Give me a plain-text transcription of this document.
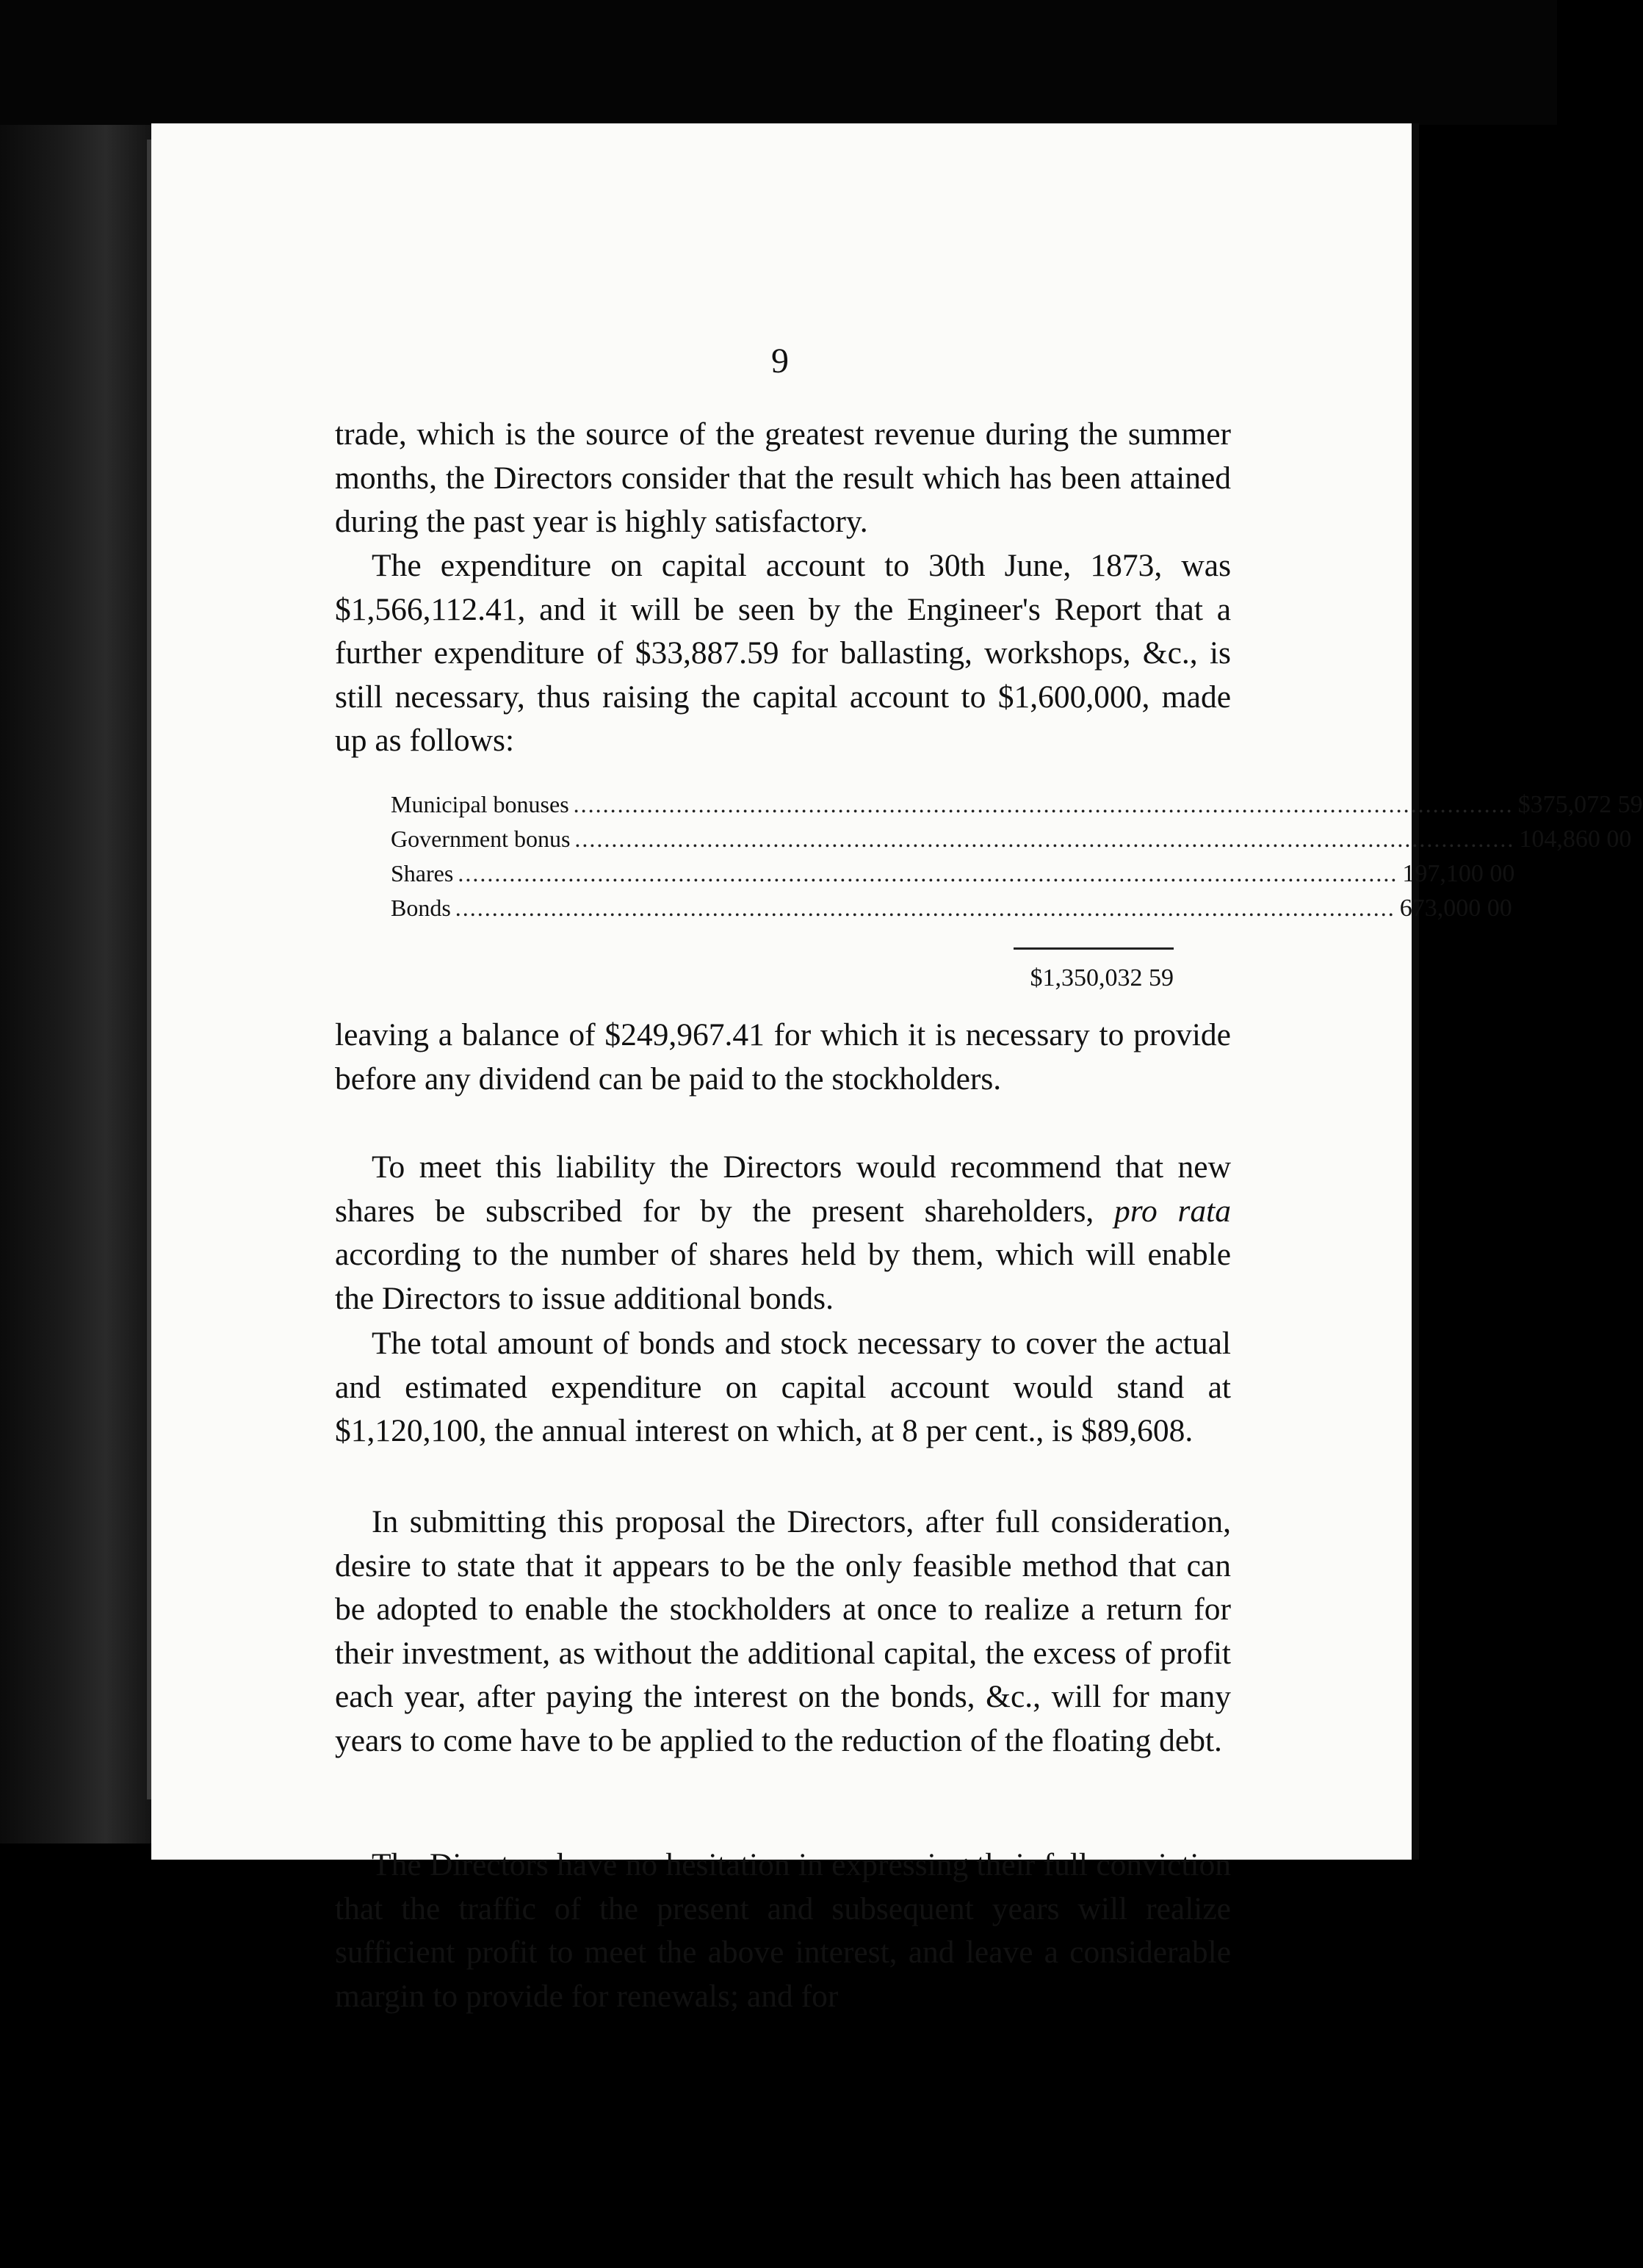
9

trade, which is the source of the greatest revenue during the summer months, the Directors consider that the result which has been attained during the past year is highly satisfactory.

The expenditure on capital account to 30th June, 1873, was $1,566,112.41, and it will be seen by the Engineer's Report that a further expenditure of $33,887.59 for ballasting, workshops, &c., is still necessary, thus raising the capital account to $1,600,000, made up as follows:

Municipal bonuses ................................................................................................................................ $375,072 59
Government bonus ................................................................................................................................ 104,860 00
Shares ................................................................................................................................ 197,100 00
Bonds ................................................................................................................................ 673,000 00
$1,350,032 59

leaving a balance of $249,967.41 for which it is necessary to provide before any dividend can be paid to the stockholders.

To meet this liability the Directors would recommend that new shares be subscribed for by the present shareholders, pro rata according to the number of shares held by them, which will enable the Directors to issue additional bonds.

The total amount of bonds and stock necessary to cover the actual and estimated expenditure on capital account would stand at $1,120,100, the annual interest on which, at 8 per cent., is $89,608.

In submitting this proposal the Directors, after full consideration, desire to state that it appears to be the only feasible method that can be adopted to enable the stockholders at once to realize a return for their investment, as without the additional capital, the excess of profit each year, after paying the interest on the bonds, &c., will for many years to come have to be applied to the reduction of the floating debt.

The Directors have no hesitation in expressing their full conviction that the traffic of the present and subsequent years will realize sufficient profit to meet the above interest, and leave a considerable margin to provide for renewals; and for
